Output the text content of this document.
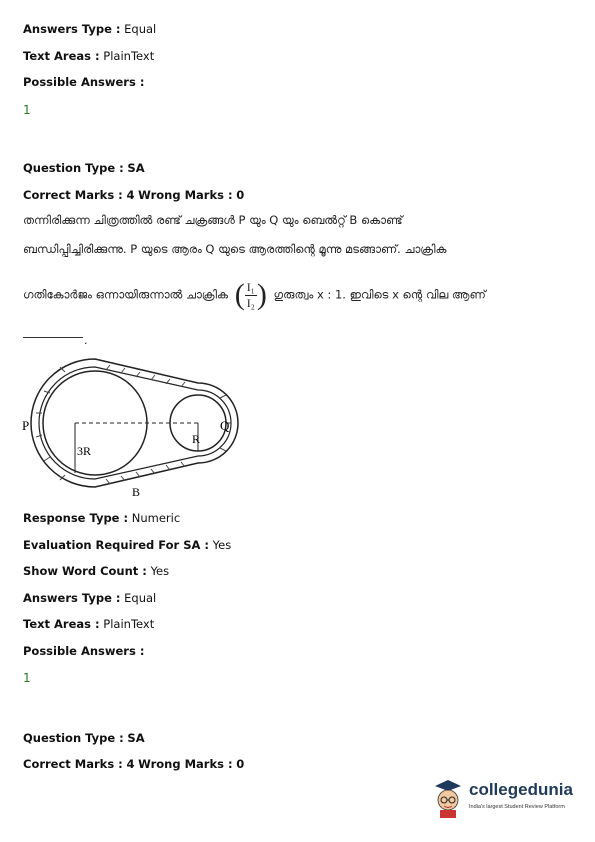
Answers Type : Equal
Text Areas : PlainText
Possible Answers :
1
Question Type : SA
Correct Marks : 4 Wrong Marks : 0
തന്നിരിക്കുന്ന ചിത്രത്തിൽ രണ്ട് ചക്രങ്ങൾ P യും Q യും ബെൽറ്റ് B കൊണ്ട്
ബന്ധിപ്പിച്ചിരിക്കുന്നു. P യുടെ ആരം Q യുടെ ആരത്തിന്റെ മൂന്നു മടങ്ങാണ്. ചാക്രിക
ഗതികോർജം ഒന്നായിരുന്നാൽ ചാക്രിക ( $\frac{\text{I₁}}{\text{I₂}}$ ) ഗുരുത്വം x : 1. ഇവിടെ x ന്റെ വില ആണ്
.
P	Q
3R
R
B
Response Type : Numeric
Evaluation Required For SA : Yes
Show Word Count : Yes
Answers Type : Equal
Text Areas : PlainText
Possible Answers :
1
Question Type : SA
Correct Marks : 4 Wrong Marks : 0
collegedunia
India's largest Student Review Platform
